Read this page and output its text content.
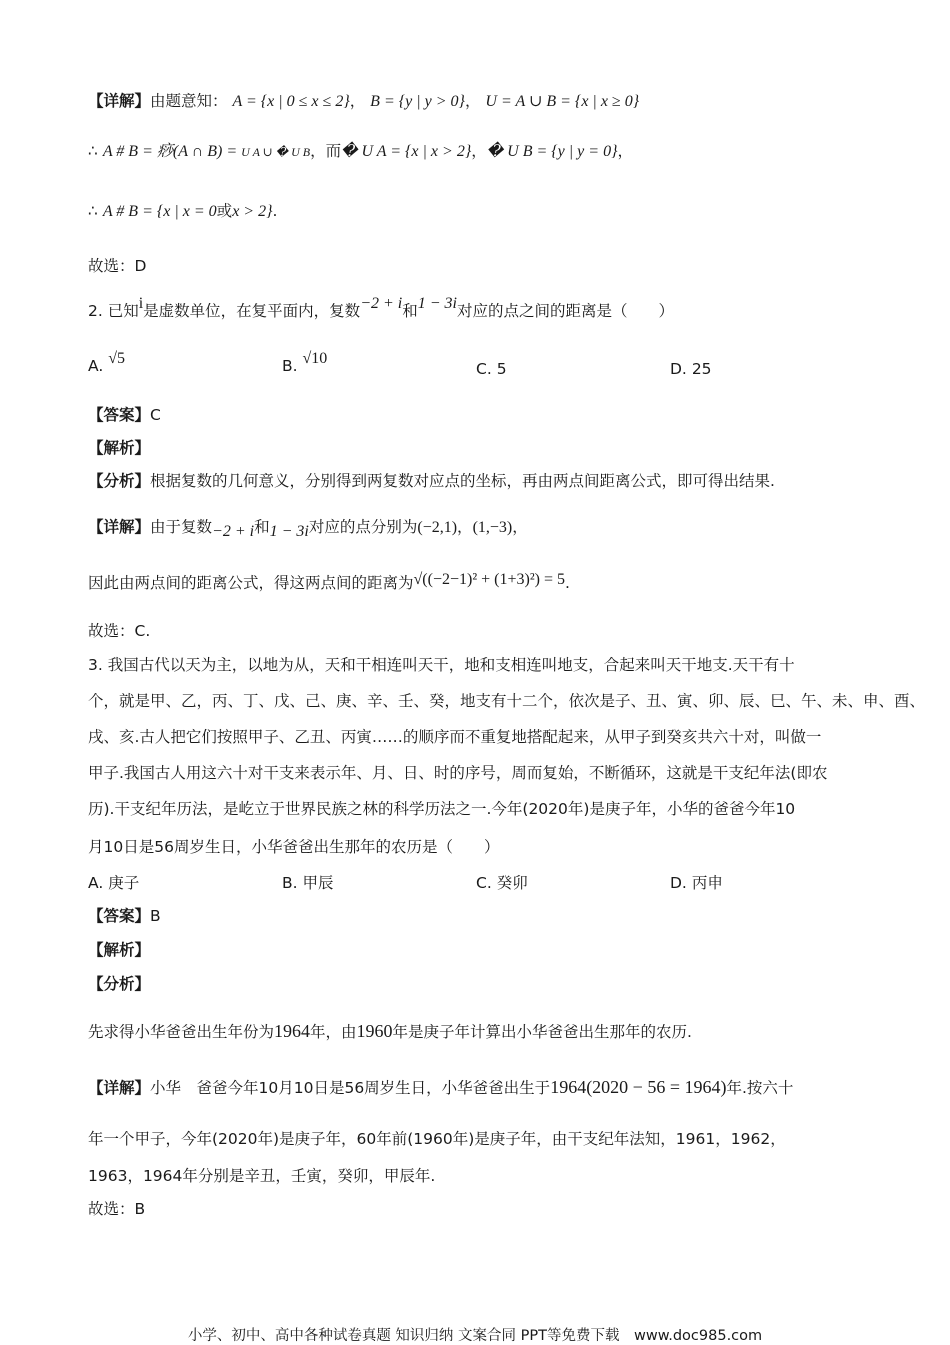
【详解】由题意知： A = {x | 0 ≤ x ≤ 2}， B = {y | y > 0}， U = A ∪ B = {x | x ≥ 0}
∴ A # B = 痧(A ∩ B) = U A ∪ � U B，而� U A = {x | x > 2}，� U B = {y | y = 0}，
∴ A # B = {x | x = 0或x > 2}.
故选：D
2. 已知i是虚数单位，在复平面内，复数−2 + i和1 − 3i对应的点之间的距离是（　　）
A. √5	B. √10
C. 5	D. 25
【答案】C
【解析】
【分析】根据复数的几何意义，分别得到两复数对应点的坐标，再由两点间距离公式，即可得出结果.
【详解】由于复数−2 + i和1 − 3i对应的点分别为(−2,1)，(1,−3)，
因此由两点间的距离公式，得这两点间的距离为√((−2−1)² + (1+3)²) = 5.
故选：C.
3. 我国古代以天为主，以地为从，天和干相连叫天干，地和支相连叫地支，合起来叫天干地支.天干有十
个，就是甲、乙，丙、丁、戊、己、庚、辛、壬、癸，地支有十二个，依次是子、丑、寅、卯、辰、巳、午、未、申、酉、
戌、亥.古人把它们按照甲子、乙丑、丙寅……的顺序而不重复地搭配起来，从甲子到癸亥共六十对，叫做一
甲子.我国古人用这六十对干支来表示年、月、日、时的序号，周而复始，不断循环，这就是干支纪年法(即农
历).干支纪年历法，是屹立于世界民族之林的科学历法之一.今年(2020年)是庚子年，小华的爸爸今年10
月10日是56周岁生日，小华爸爸出生那年的农历是（　　）
A. 庚子	B. 甲辰	C. 癸卯	D. 丙申
【答案】B
【解析】
【分析】
先求得小华爸爸出生年份为1964年，由1960年是庚子年计算出小华爸爸出生那年的农历.
【详解】小华　爸爸今年10月10日是56周岁生日，小华爸爸出生于1964(2020 − 56 = 1964)年.按六十
年一个甲子，今年(2020年)是庚子年，60年前(1960年)是庚子年，由干支纪年法知，1961，1962，
1963，1964年分别是辛丑，壬寅，癸卯，甲辰年.
故选：B
小学、初中、高中各种试卷真题 知识归纳 文案合同 PPT等免费下载　www.doc985.com
